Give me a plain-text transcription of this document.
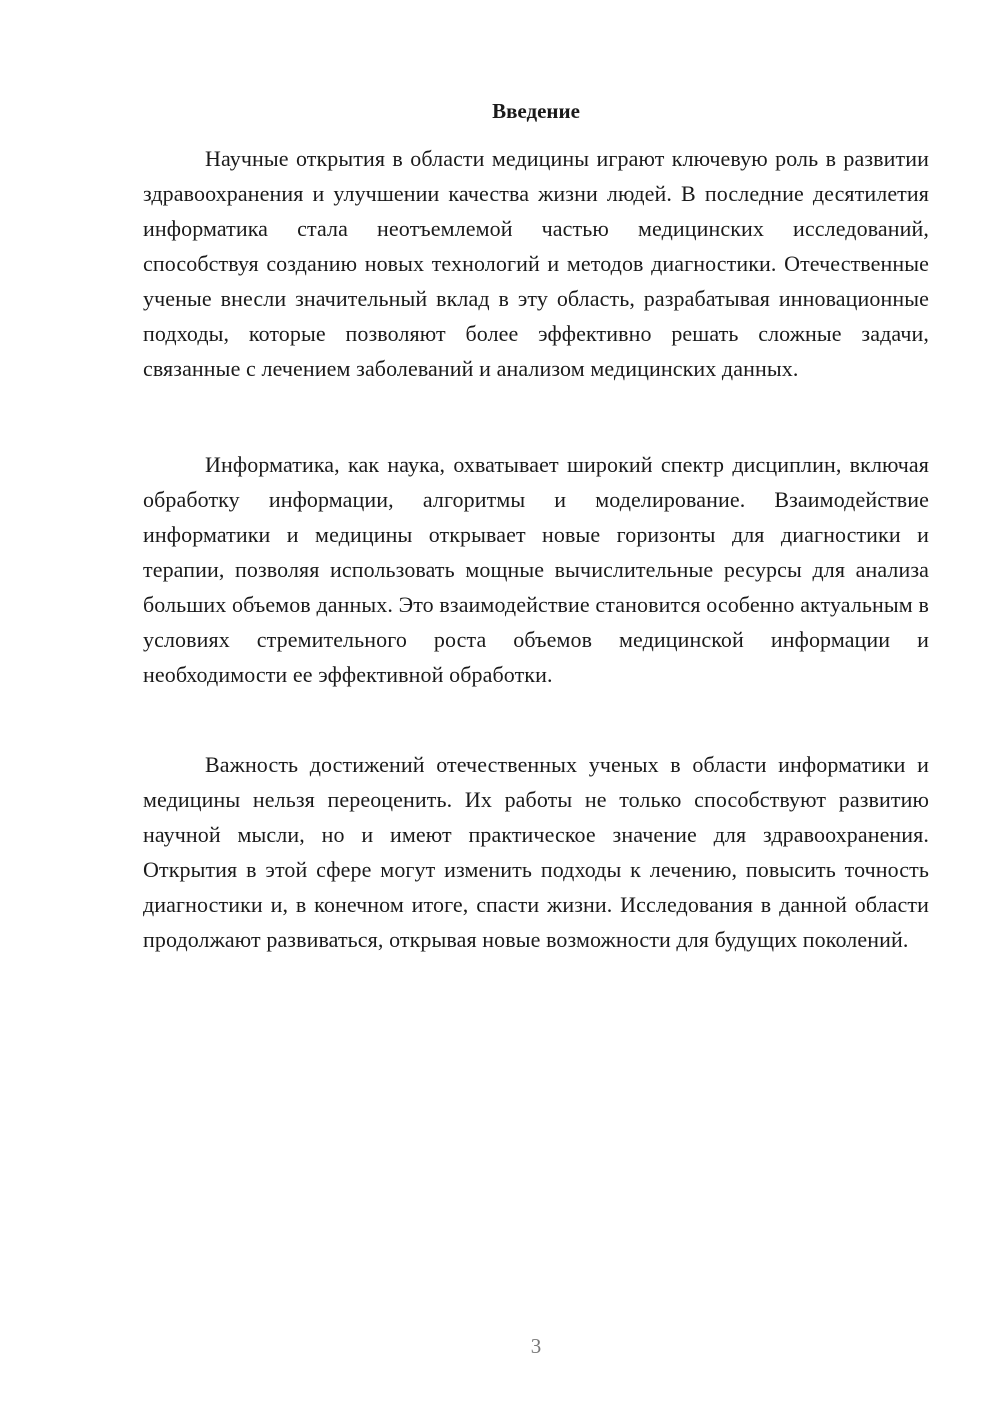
Введение

Научные открытия в области медицины играют ключевую роль в развитии здравоохранения и улучшении качества жизни людей. В последние десятилетия информатика стала неотъемлемой частью медицинских исследований, способствуя созданию новых технологий и методов диагностики. Отечественные ученые внесли значительный вклад в эту область, разрабатывая инновационные подходы, которые позволяют более эффективно решать сложные задачи, связанные с лечением заболеваний и анализом медицинских данных.

Информатика, как наука, охватывает широкий спектр дисциплин, включая обработку информации, алгоритмы и моделирование. Взаимодействие информатики и медицины открывает новые горизонты для диагностики и терапии, позволяя использовать мощные вычислительные ресурсы для анализа больших объемов данных. Это взаимодействие становится особенно актуальным в условиях стремительного роста объемов медицинской информации и необходимости ее эффективной обработки.

Важность достижений отечественных ученых в области информатики и медицины нельзя переоценить. Их работы не только способствуют развитию научной мысли, но и имеют практическое значение для здравоохранения. Открытия в этой сфере могут изменить подходы к лечению, повысить точность диагностики и, в конечном итоге, спасти жизни. Исследования в данной области продолжают развиваться, открывая новые возможности для будущих поколений.

3
